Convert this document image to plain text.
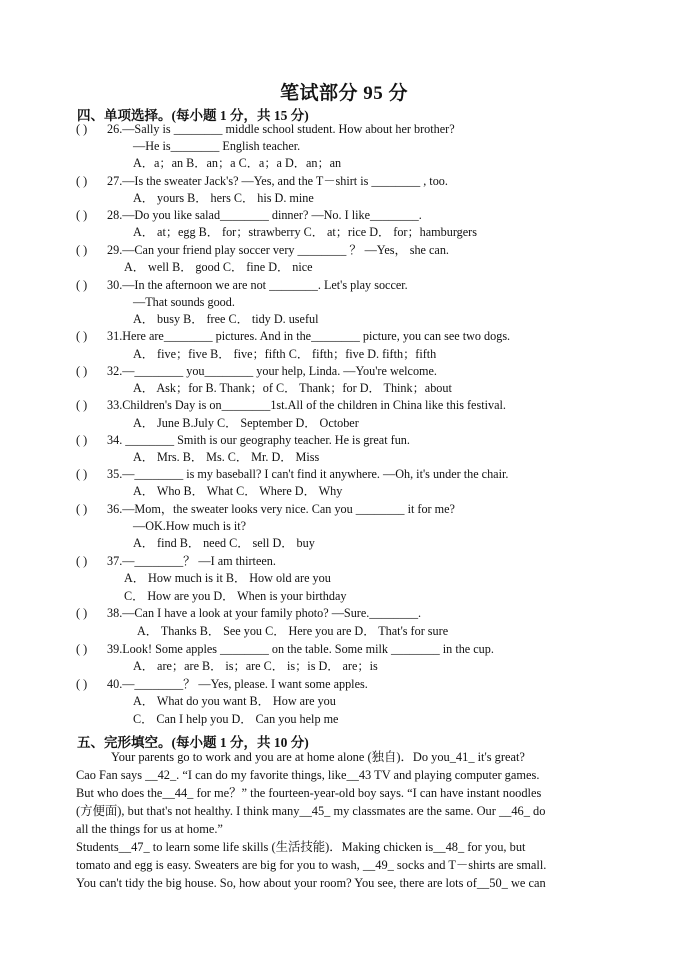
笔试部分 95 分
四、单项选择。(每小题 1 分，共 15 分)
( ) 26.—Sally is ________ middle school student. How about her brother?
—He is________ English teacher.
A．a；an B．an；a C．a；a D．an；an
( ) 27.—Is the sweater Jack's? —Yes, and the T－shirt is ________ , too.
A． yours B． hers C． his D. mine
( ) 28.—Do you like salad________ dinner? —No. I like________.
A． at；egg B． for；strawberry C． at；rice D． for；hamburgers
( ) 29.—Can your friend play soccer very ________ ？ —Yes， she can.
A． well B． good C． fine D． nice
( ) 30.—In the afternoon we are not ________. Let's play soccer.
—That sounds good.
A． busy B． free C． tidy D. useful
( ) 31.Here are________ pictures. And in the________ picture, you can see two dogs.
A． five；five B． five；fifth C． fifth；five D. fifth；fifth
( ) 32.—________ you________ your help, Linda. —You're welcome.
A． Ask；for B. Thank；of C． Thank；for D． Think；about
( ) 33.Children's Day is on________1st.All of the children in China like this festival.
A． June B.July C． September D． October
( ) 34. ________ Smith is our geography teacher. He is great fun.
A． Mrs. B． Ms. C． Mr. D． Miss
( ) 35.—________ is my baseball? I can't find it anywhere. —Oh, it's under the chair.
A． Who B． What C． Where D． Why
( ) 36.—Mom，the sweater looks very nice. Can you ________ it for me?
—OK.How much is it?
A． find B． need C． sell D． buy
( ) 37.—________？ —I am thirteen.
A． How much is it B． How old are you
C． How are you D． When is your birthday
( ) 38.—Can I have a look at your family photo? —Sure.________.
A． Thanks B． See you C． Here you are D． That's for sure
( ) 39.Look! Some apples ________ on the table. Some milk ________ in the cup.
A． are；are B． is；are C． is；is D． are；is
( ) 40.—________？ —Yes, please. I want some apples.
A． What do you want B． How are you
C． Can I help you D． Can you help me
五、完形填空。(每小题 1 分，共 10 分)
Your parents go to work and you are at home alone (独自)．Do you_41_ it's great?
Cao Fan says __42_. “I can do my favorite things, like__43 TV and playing computer games.
But who does the__44_ for me？” the fourteen-year-old boy says. “I can have instant noodles
(方便面), but that's not healthy. I think many__45_ my classmates are the same. Our __46_ do
all the things for us at home.”
Students__47_ to learn some life skills (生活技能)．Making chicken is__48_ for you, but
tomato and egg is easy. Sweaters are big for you to wash, __49_ socks and T－shirts are small.
You can't tidy the big house. So, how about your room? You see, there are lots of__50_ we can
